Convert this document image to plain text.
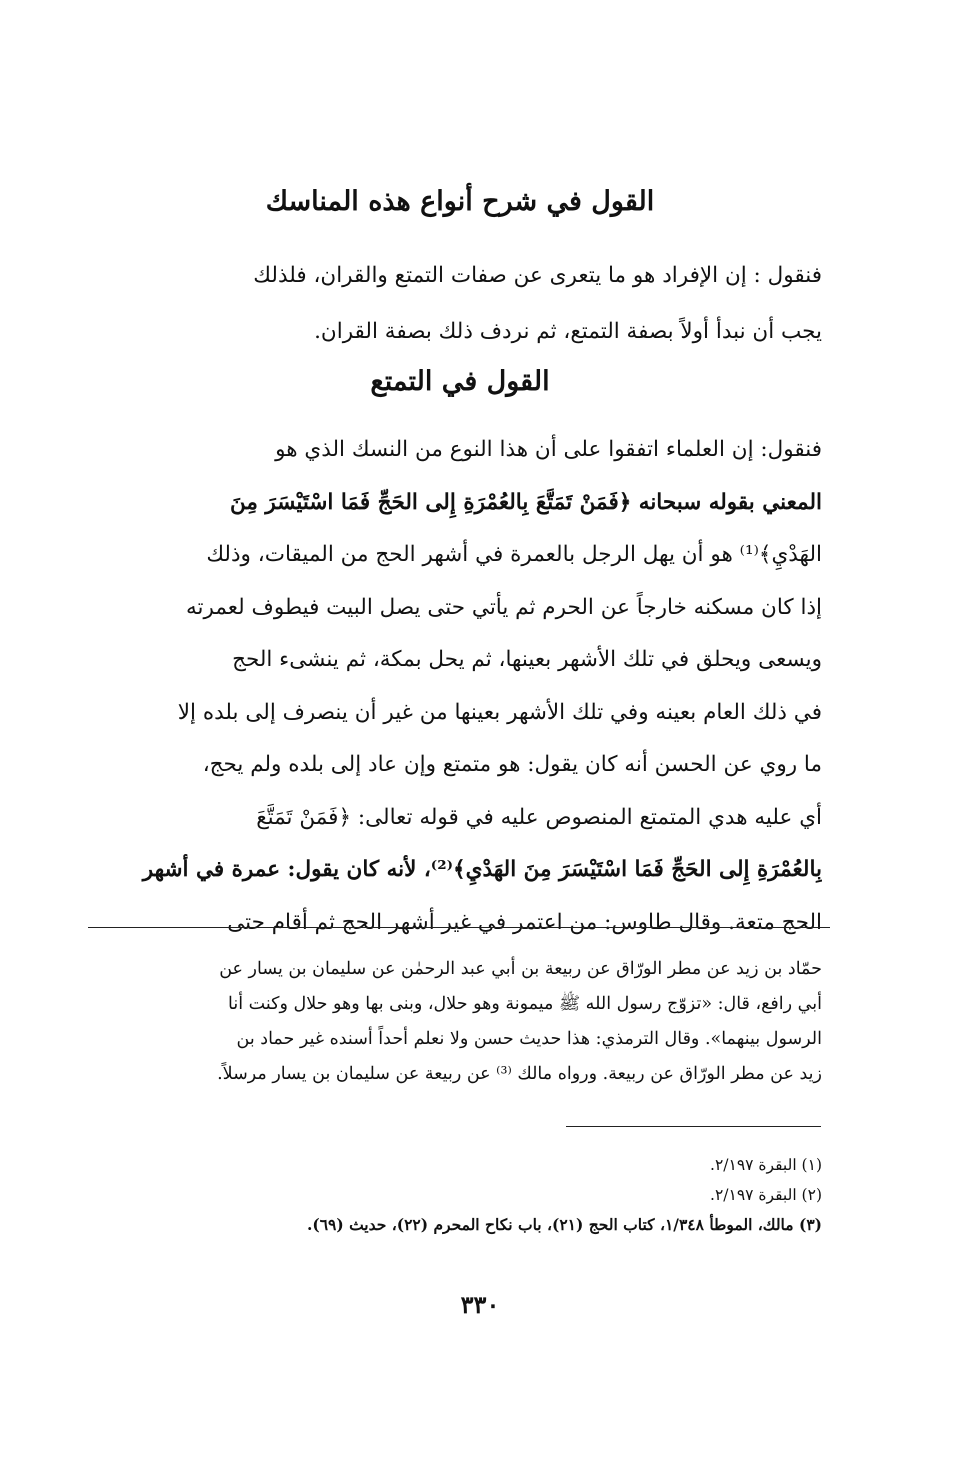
القول في شرح أنواع هذه المناسك
فنقول : إن الإفراد هو ما يتعرى عن صفات التمتع والقران، فلذلك
يجب أن نبدأ أولاً بصفة التمتع، ثم نردف ذلك بصفة القران.
القول في التمتع
فنقول: إن العلماء اتفقوا على أن هذا النوع من النسك الذي هو
المعني بقوله سبحانه ﴿فَمَنْ تَمَتَّعَ بِالعُمْرَةِ إِلى الحَجِّ فَمَا اسْتَيْسَرَ مِنَ
الهَدْيِ﴾⁽¹⁾ هو أن يهل الرجل بالعمرة في أشهر الحج من الميقات، وذلك
إذا كان مسكنه خارجاً عن الحرم ثم يأتي حتى يصل البيت فيطوف لعمرته
ويسعى ويحلق في تلك الأشهر بعينها، ثم يحل بمكة، ثم ينشىء الحج
في ذلك العام بعينه وفي تلك الأشهر بعينها من غير أن ينصرف إلى بلده إلا
ما روي عن الحسن أنه كان يقول: هو متمتع وإن عاد إلى بلده ولم يحج،
أي عليه هدي المتمتع المنصوص عليه في قوله تعالى: ﴿فَمَنْ تَمَتَّعَ
بِالعُمْرَةِ إِلى الحَجِّ فَمَا اسْتَيْسَرَ مِنَ الهَدْيِ﴾⁽²⁾، لأنه كان يقول: عمرة في أشهر
الحج متعة. وقال طاوس: من اعتمر في غير أشهر الحج ثم أقام حتى
حمّاد بن زيد عن مطر الورّاق عن ربيعة بن أبي عبد الرحمٰن عن سليمان بن يسار عن
أبي رافع، قال: «تزوّج رسول الله ﷺ ميمونة وهو حلال، وبنى بها وهو حلال وكنت أنا
الرسول بينهما». وقال الترمذي: هذا حديث حسن ولا نعلم أحداً أسنده غير حماد بن
زيد عن مطر الورّاق عن ربيعة. ورواه مالك ⁽³⁾ عن ربيعة عن سليمان بن يسار مرسلاً.
(١) البقرة ٢/١٩٧.
(٢) البقرة ٢/١٩٧.
(٣) مالك، الموطأ ١/٣٤٨، كتاب الحج (٢١)، باب نكاح المحرم (٢٢)، حديث (٦٩).
٣٣٠
